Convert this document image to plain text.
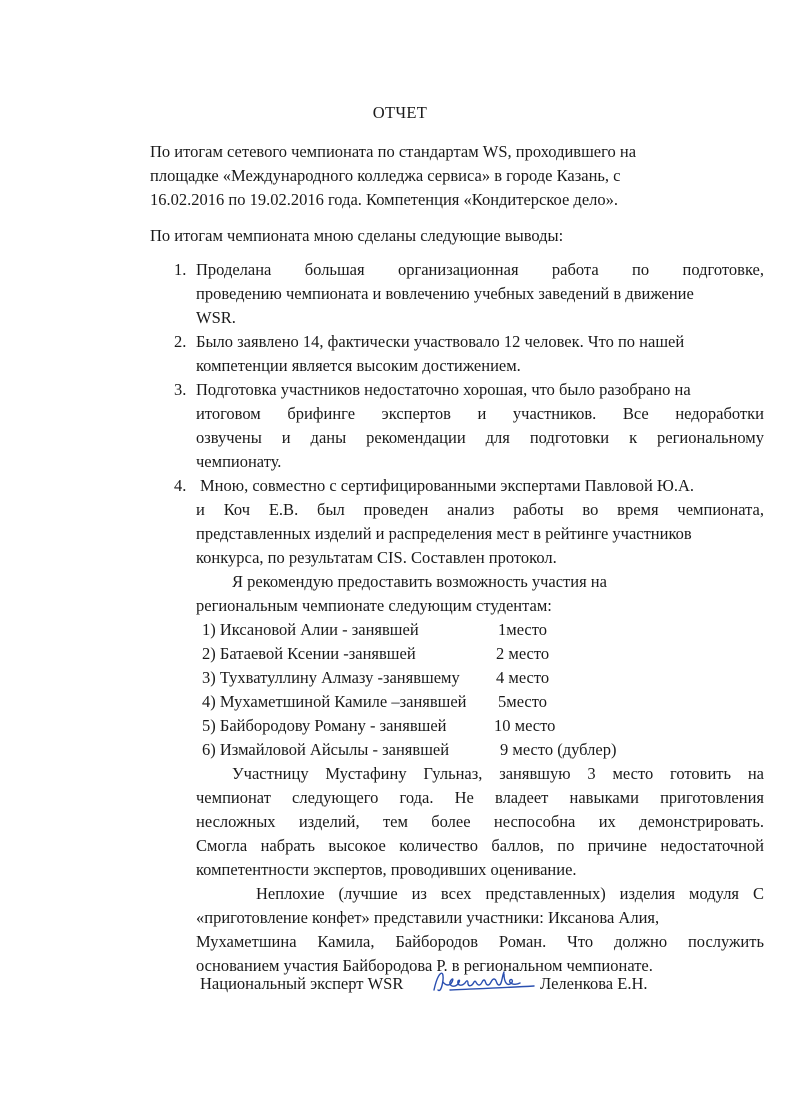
ОТЧЕТ
По итогам сетевого чемпионата по стандартам WS, проходившего на
площадке «Международного колледжа сервиса» в городе Казань, с
16.02.2016 по 19.02.2016 года. Компетенция «Кондитерское дело».
По итогам чемпионата мною сделаны следующие выводы:
1. Проделана большая организационная работа по подготовке,
проведению чемпионата и вовлечению учебных заведений в движение
WSR.
2. Было заявлено 14, фактически участвовало 12 человек. Что по нашей
компетенции является высоким достижением.
3. Подготовка участников недостаточно хорошая, что было разобрано на
итоговом брифинге экспертов и участников. Все недоработки
озвучены и даны рекомендации для подготовки к региональному
чемпионату.
4. Мною, совместно с сертифицированными экспертами Павловой Ю.А.
и Коч Е.В. был проведен анализ работы во время чемпионата,
представленных изделий и распределения мест в рейтинге участников
конкурса, по результатам CIS. Составлен протокол.
Я рекомендую предоставить возможность участия на
региональным чемпионате следующим студентам:
1) Иксановой Алии - занявшей	1место
2) Батаевой Ксении -занявшей	2 место
3) Тухватуллину Алмазу -занявшему 4 место
4) Мухаметшиной Камиле –занявшей 5место
5) Байбородову Роману - занявшей	10 место
6) Измайловой Айсылы - занявшей	9 место (дублер)
Участницу Мустафину Гульназ, занявшую 3 место готовить на
чемпионат следующего года. Не владеет навыками приготовления
несложных изделий, тем более неспособна их демонстрировать.
Смогла набрать высокое количество баллов, по причине недостаточной
компетентности экспертов, проводивших оценивание.
Неплохие (лучшие из всех представленных) изделия модуля С
«приготовление конфет» представили участники: Иксанова Алия,
Мухаметшина Камила, Байбородов Роман. Что должно послужить
основанием участия Байбородова Р. в региональном чемпионате.
Национальный эксперт WSR	Леленкова Е.Н.
